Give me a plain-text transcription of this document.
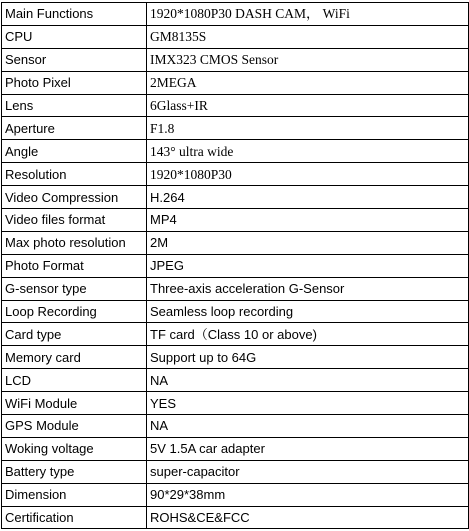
Main Functions	1920*1080P30 DASH CAM， WiFi
CPU	GM8135S
Sensor	IMX323 CMOS Sensor
Photo Pixel	2MEGA
Lens	6Glass+IR
Aperture	F1.8
Angle	143° ultra wide
Resolution	1920*1080P30
Video Compression	H.264
Video files format	MP4
Max photo resolution	2M
Photo Format	JPEG
G-sensor type	Three-axis acceleration G-Sensor
Loop Recording	Seamless loop recording
Card type	TF card（Class 10 or above)
Memory card	Support up to 64G
LCD	NA
WiFi Module	YES
GPS Module	NA
Woking voltage	5V 1.5A car adapter
Battery type	super-capacitor
Dimension	90*29*38mm
Certification	ROHS&CE&FCC
